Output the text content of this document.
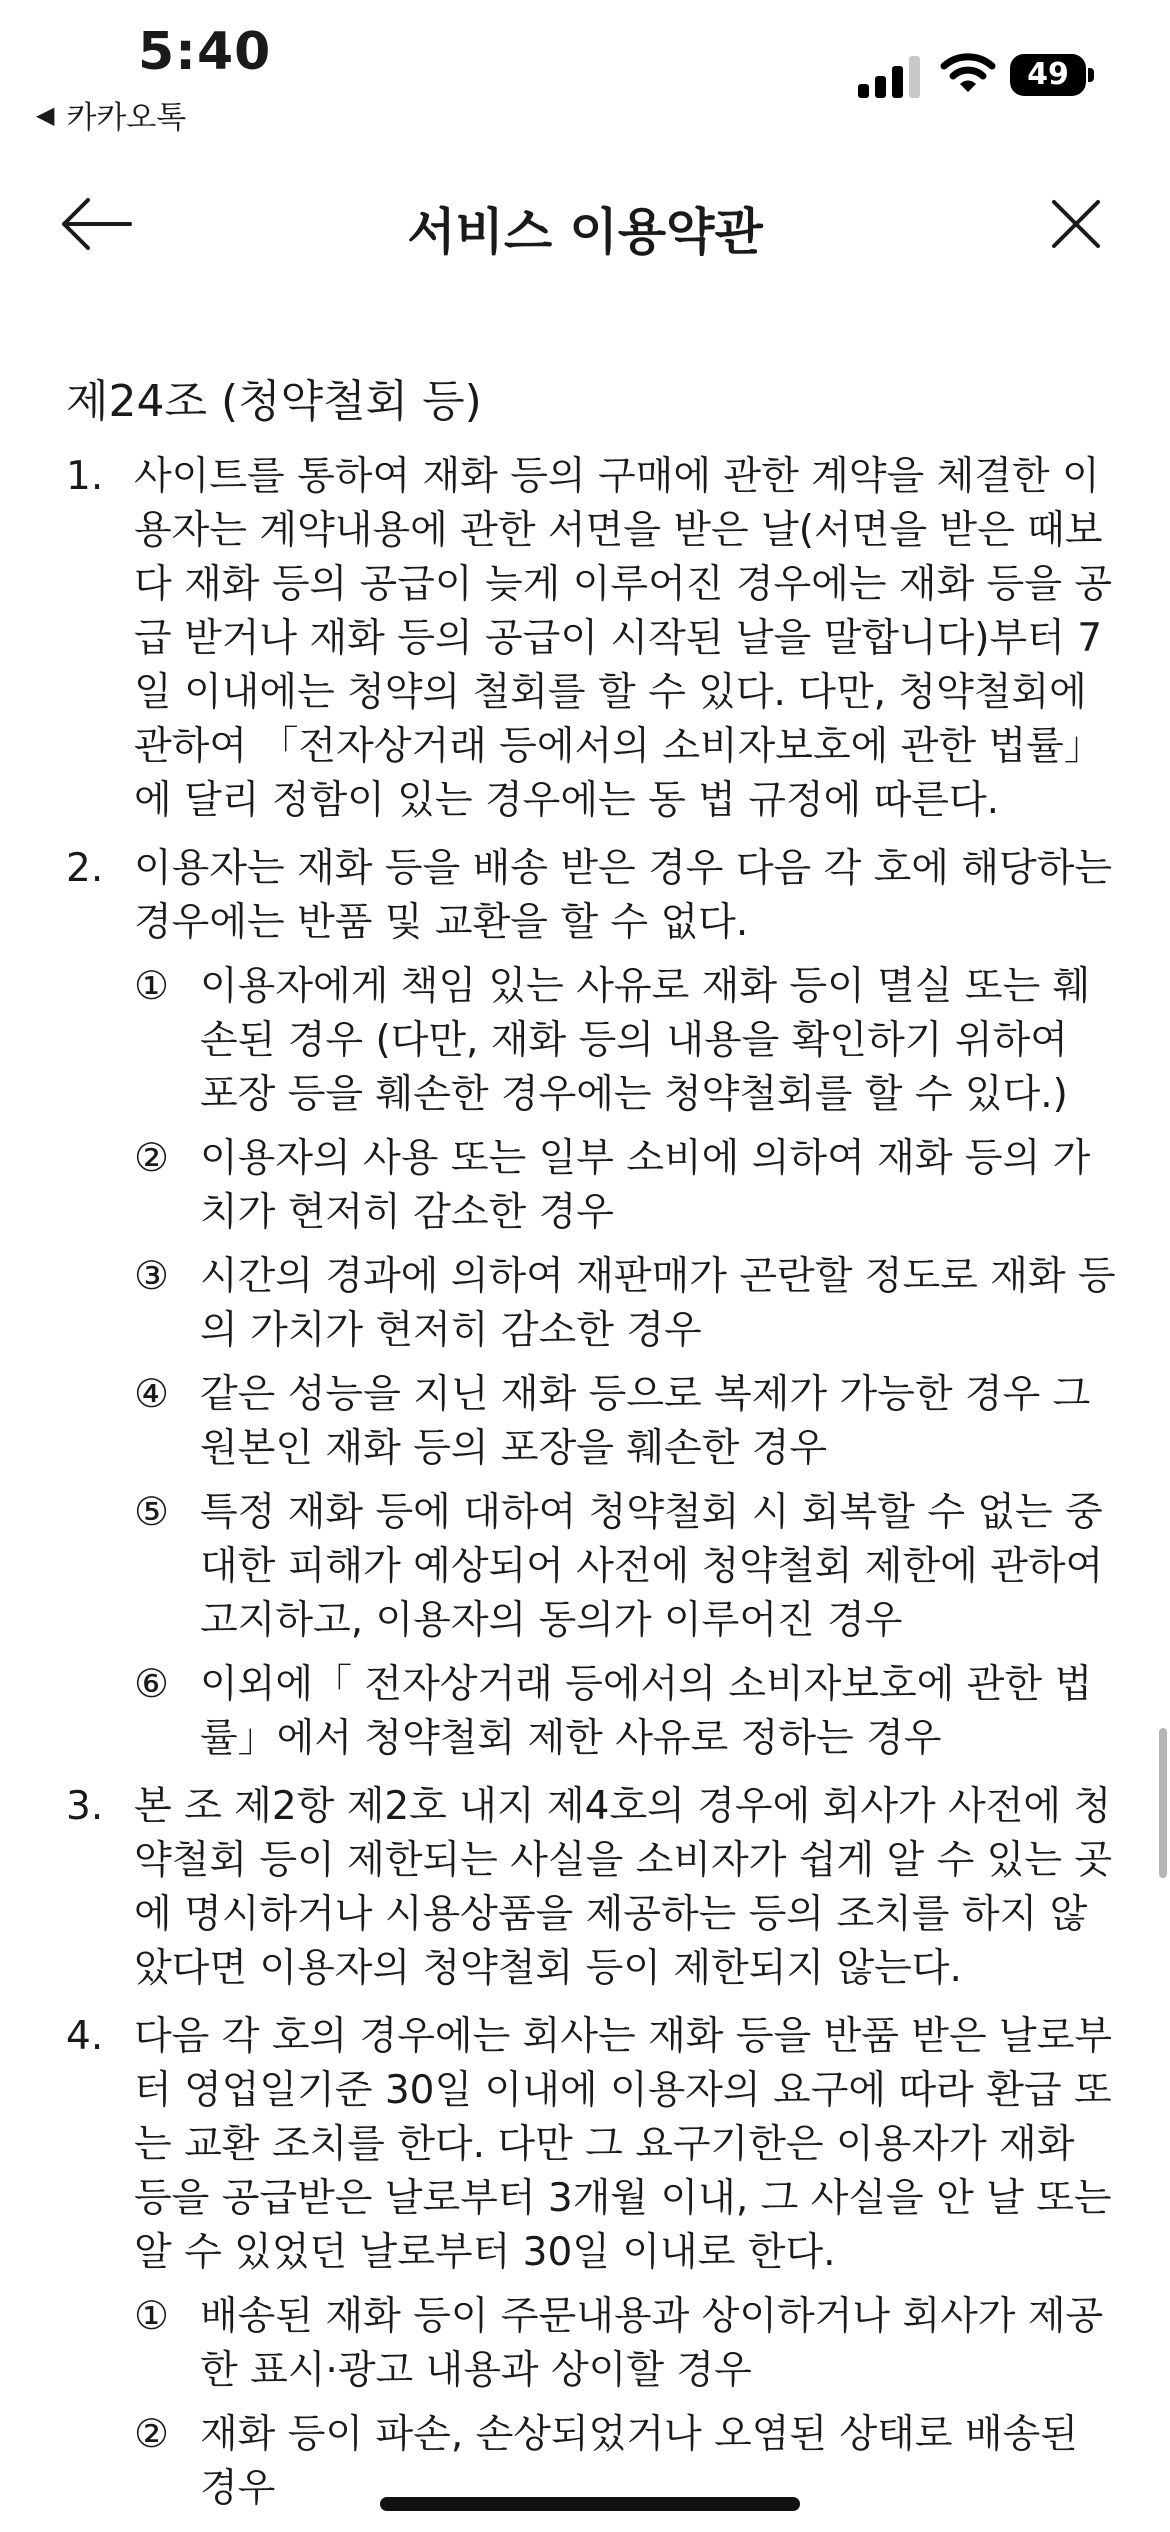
5:40
◀ 카카오톡
49
서비스 이용약관
제24조 (청약철회 등)
1. 사이트를 통하여 재화 등의 구매에 관한 계약을 체결한 이용자는 계약내용에 관한 서면을 받은 날(서면을 받은 때보다 재화 등의 공급이 늦게 이루어진 경우에는 재화 등을 공급 받거나 재화 등의 공급이 시작된 날을 말합니다)부터 7일 이내에는 청약의 철회를 할 수 있다. 다만, 청약철회에 관하여 「전자상거래 등에서의 소비자보호에 관한 법률」에 달리 정함이 있는 경우에는 동 법 규정에 따른다.
2. 이용자는 재화 등을 배송 받은 경우 다음 각 호에 해당하는 경우에는 반품 및 교환을 할 수 없다.
① 이용자에게 책임 있는 사유로 재화 등이 멸실 또는 훼손된 경우 (다만, 재화 등의 내용을 확인하기 위하여 포장 등을 훼손한 경우에는 청약철회를 할 수 있다.)
② 이용자의 사용 또는 일부 소비에 의하여 재화 등의 가치가 현저히 감소한 경우
③ 시간의 경과에 의하여 재판매가 곤란할 정도로 재화 등의 가치가 현저히 감소한 경우
④ 같은 성능을 지닌 재화 등으로 복제가 가능한 경우 그 원본인 재화 등의 포장을 훼손한 경우
⑤ 특정 재화 등에 대하여 청약철회 시 회복할 수 없는 중대한 피해가 예상되어 사전에 청약철회 제한에 관하여 고지하고, 이용자의 동의가 이루어진 경우
⑥ 이외에「 전자상거래 등에서의 소비자보호에 관한 법률」에서 청약철회 제한 사유로 정하는 경우
3. 본 조 제2항 제2호 내지 제4호의 경우에 회사가 사전에 청약철회 등이 제한되는 사실을 소비자가 쉽게 알 수 있는 곳에 명시하거나 시용상품을 제공하는 등의 조치를 하지 않았다면 이용자의 청약철회 등이 제한되지 않는다.
4. 다음 각 호의 경우에는 회사는 재화 등을 반품 받은 날로부터 영업일기준 30일 이내에 이용자의 요구에 따라 환급 또는 교환 조치를 한다. 다만 그 요구기한은 이용자가 재화 등을 공급받은 날로부터 3개월 이내, 그 사실을 안 날 또는 알 수 있었던 날로부터 30일 이내로 한다.
① 배송된 재화 등이 주문내용과 상이하거나 회사가 제공한 표시·광고 내용과 상이할 경우
② 재화 등이 파손, 손상되었거나 오염된 상태로 배송된 경우
